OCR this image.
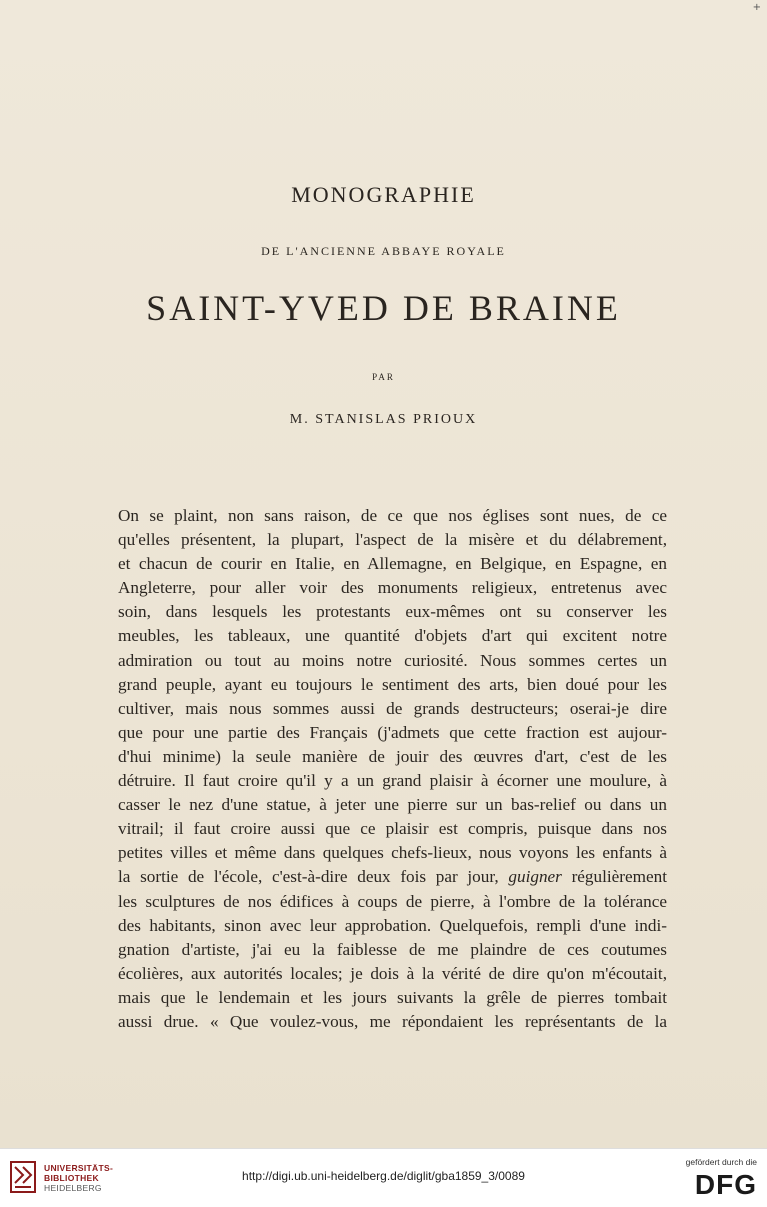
+
MONOGRAPHIE
DE L'ANCIENNE ABBAYE ROYALE
SAINT-YVED DE BRAINE
PAR
M. STANISLAS PRIOUX
On se plaint, non sans raison, de ce que nos églises sont nues, de ce
qu'elles présentent, la plupart, l'aspect de la misère et du délabrement,
et chacun de courir en Italie, en Allemagne, en Belgique, en Espagne, en
Angleterre, pour aller voir des monuments religieux, entretenus avec
soin, dans lesquels les protestants eux-mêmes ont su conserver les
meubles, les tableaux, une quantité d'objets d'art qui excitent notre
admiration ou tout au moins notre curiosité. Nous sommes certes un
grand peuple, ayant eu toujours le sentiment des arts, bien doué pour les
cultiver, mais nous sommes aussi de grands destructeurs; oserai-je dire
que pour une partie des Français (j'admets que cette fraction est aujour-
d'hui minime) la seule manière de jouir des œuvres d'art, c'est de les
détruire. Il faut croire qu'il y a un grand plaisir à écorner une moulure, à
casser le nez d'une statue, à jeter une pierre sur un bas-relief ou dans un
vitrail; il faut croire aussi que ce plaisir est compris, puisque dans nos
petites villes et même dans quelques chefs-lieux, nous voyons les enfants à
la sortie de l'école, c'est-à-dire deux fois par jour, guigner régulièrement
les sculptures de nos édifices à coups de pierre, à l'ombre de la tolérance
des habitants, sinon avec leur approbation. Quelquefois, rempli d'une indi-
gnation d'artiste, j'ai eu la faiblesse de me plaindre de ces coutumes
écolières, aux autorités locales; je dois à la vérité de dire qu'on m'écoutait,
mais que le lendemain et les jours suivants la grêle de pierres tombait
aussi drue. « Que voulez-vous, me répondaient les représentants de la
UNIVERSITÄTS-
BIBLIOTHEK
HEIDELBERG
http://digi.ub.uni-heidelberg.de/diglit/gba1859_3/0089
gefördert durch die
DFG
